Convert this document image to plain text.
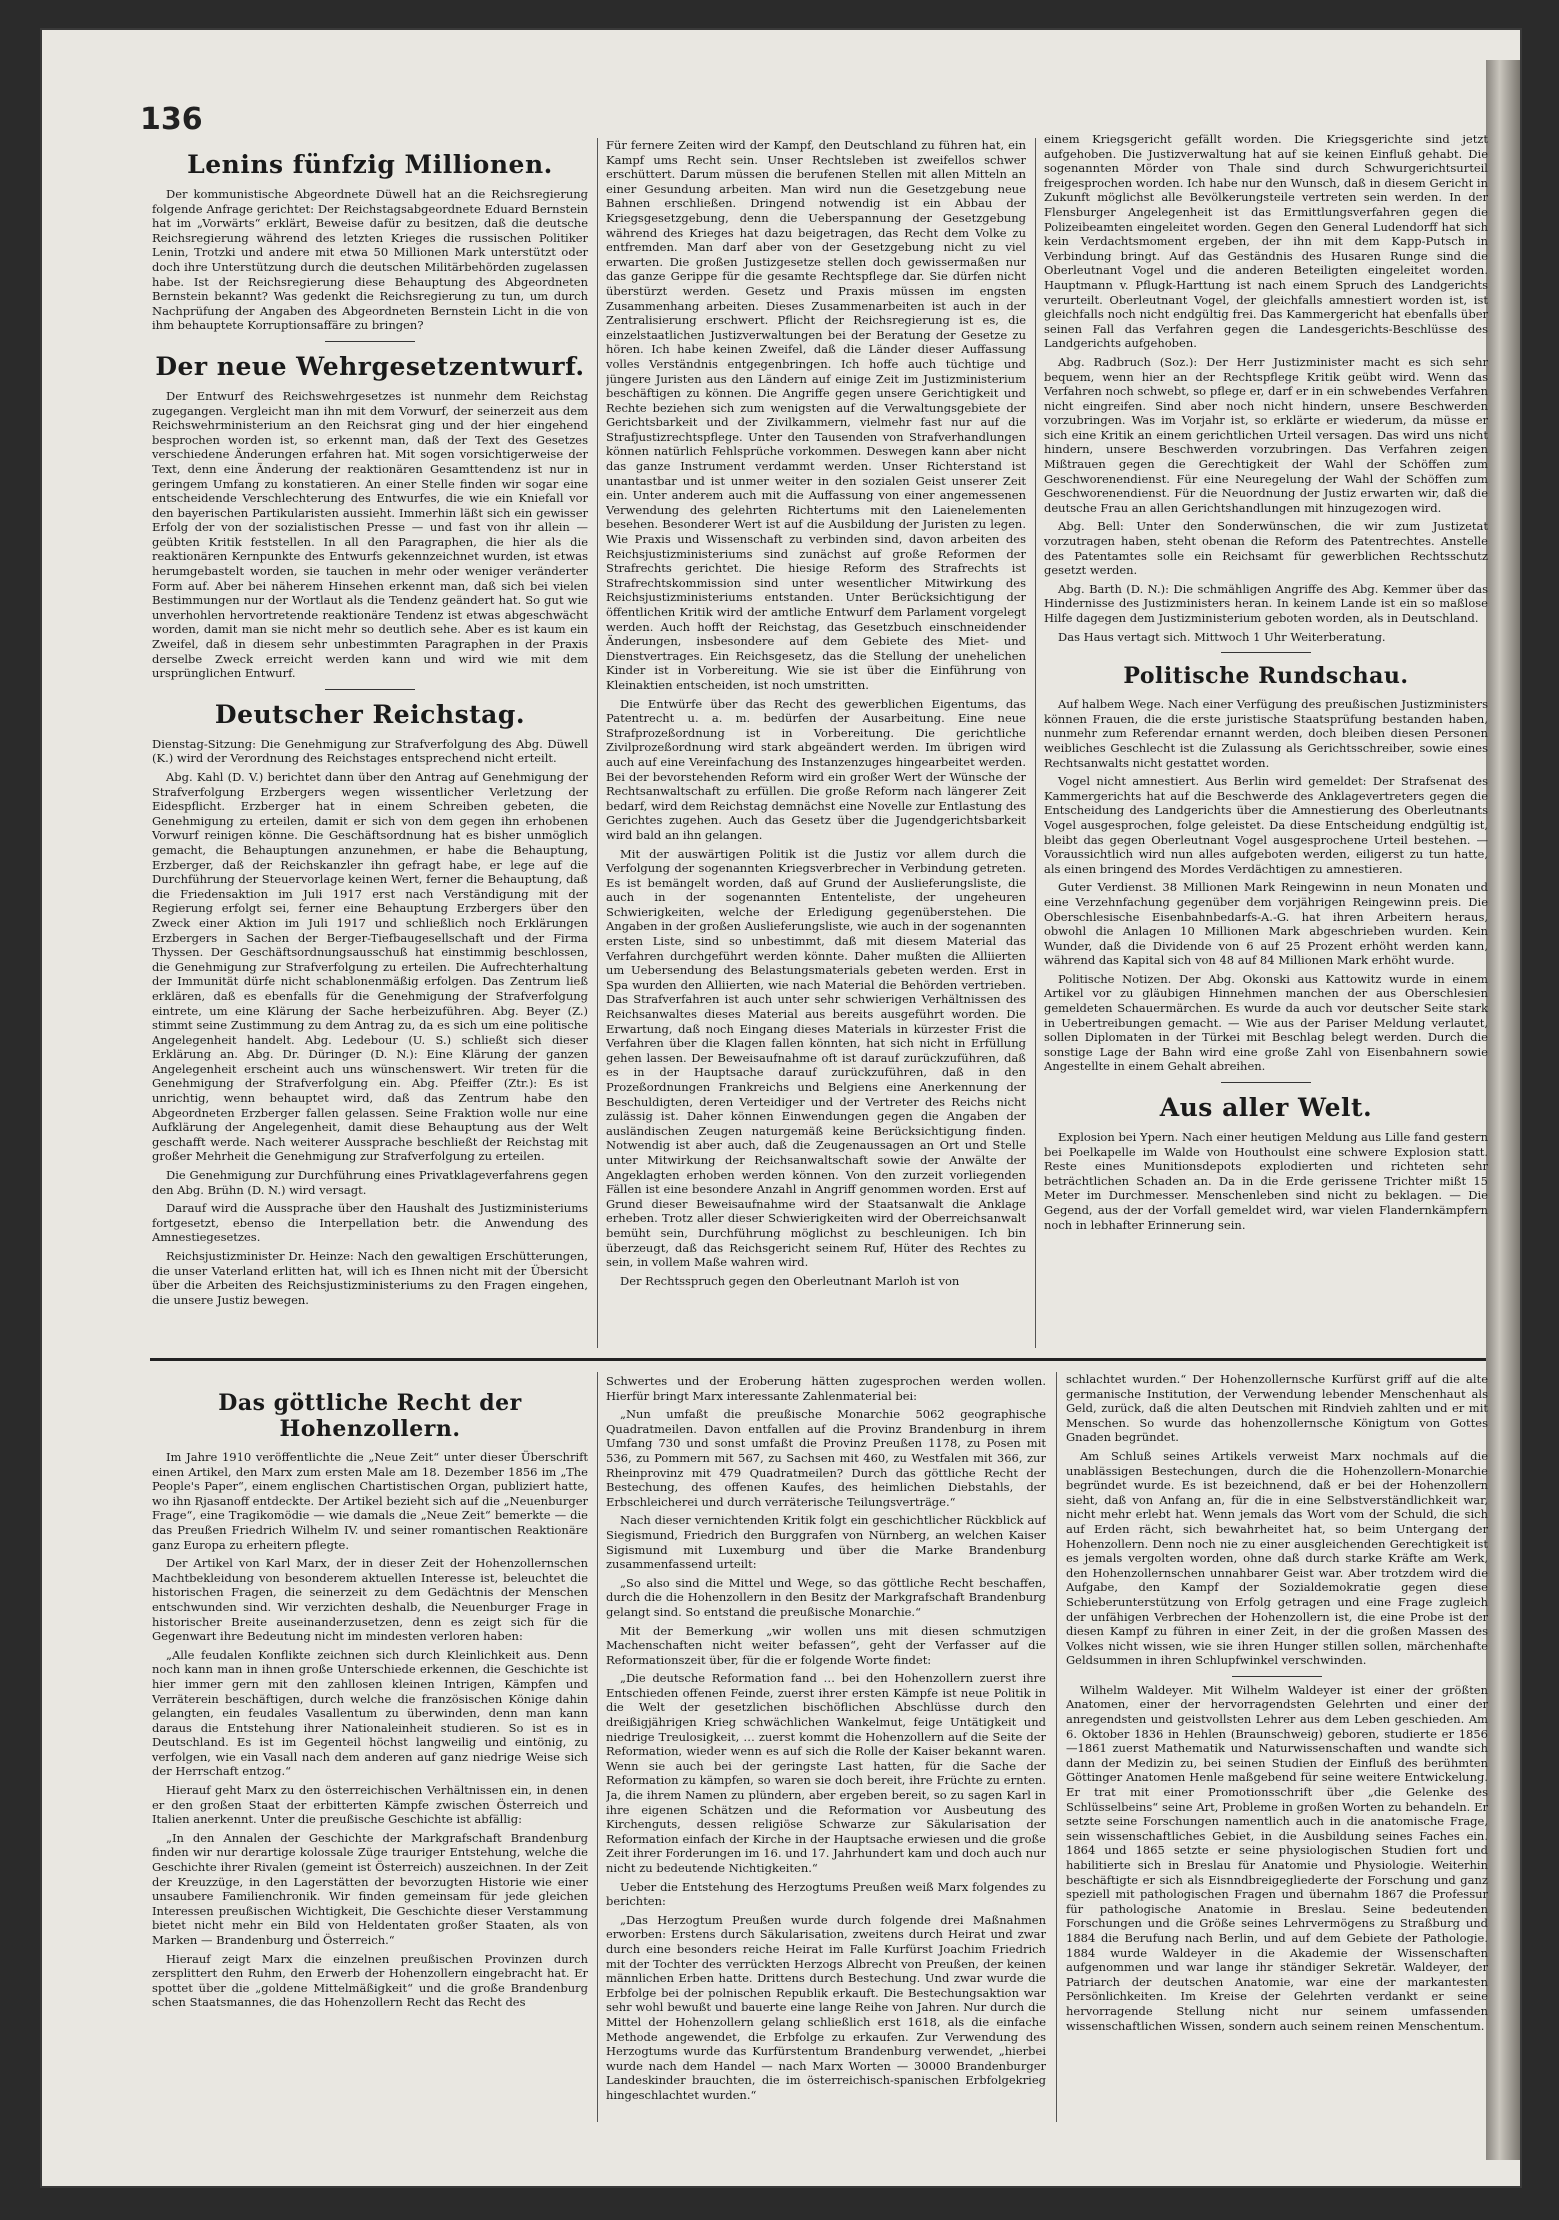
136
Lenins fünfzig Millionen.

Der kommunistische Abgeordnete Düwell hat an die Reichsregierung folgende Anfrage gerichtet: Der Reichstagsabgeordnete Eduard Bernstein hat im „Vorwärts“ erklärt, Beweise dafür zu besitzen, daß die deutsche Reichsregierung während des letzten Krieges die russischen Politiker Lenin, Trotzki und andere mit etwa 50 Millionen Mark unterstützt oder doch ihre Unterstützung durch die deutschen Militärbehörden zugelassen habe. Ist der Reichsregierung diese Behauptung des Abgeordneten Bernstein bekannt? Was gedenkt die Reichsregierung zu tun, um durch Nachprüfung der Angaben des Abgeordneten Bernstein Licht in die von ihm behauptete Korruptionsaffäre zu bringen?

Der neue Wehrgesetzentwurf.

Der Entwurf des Reichswehrgesetzes ist nunmehr dem Reichstag zugegangen. Vergleicht man ihn mit dem Vorwurf, der seinerzeit aus dem Reichswehrministerium an den Reichsrat ging und der hier eingehend besprochen worden ist, so erkennt man, daß der Text des Gesetzes verschiedene Änderungen erfahren hat. Mit sogen vorsichtigerweise der Text, denn eine Änderung der reaktionären Gesamttendenz ist nur in geringem Umfang zu konstatieren. An einer Stelle finden wir sogar eine entscheidende Verschlechterung des Entwurfes, die wie ein Kniefall vor den bayerischen Partikularisten aussieht. Immerhin läßt sich ein gewisser Erfolg der von der sozialistischen Presse — und fast von ihr allein — geübten Kritik feststellen. In all den Paragraphen, die hier als die reaktionären Kernpunkte des Entwurfs gekennzeichnet wurden, ist etwas herumgebastelt worden, sie tauchen in mehr oder weniger veränderter Form auf. Aber bei näherem Hinsehen erkennt man, daß sich bei vielen Bestimmungen nur der Wortlaut als die Tendenz geändert hat. So gut wie unverhohlen hervortretende reaktionäre Tendenz ist etwas abgeschwächt worden, damit man sie nicht mehr so deutlich sehe. Aber es ist kaum ein Zweifel, daß in diesem sehr unbestimmten Paragraphen in der Praxis derselbe Zweck erreicht werden kann und wird wie mit dem ursprünglichen Entwurf.

Deutscher Reichstag.

Dienstag-Sitzung: Die Genehmigung zur Strafverfolgung des Abg. Düwell (K.) wird der Verordnung des Reichstages entsprechend nicht erteilt.

Abg. Kahl (D. V.) berichtet dann über den Antrag auf Genehmigung der Strafverfolgung Erzbergers wegen wissentlicher Verletzung der Eidespflicht. Erzberger hat in einem Schreiben gebeten, die Genehmigung zu erteilen, damit er sich von dem gegen ihn erhobenen Vorwurf reinigen könne. Die Geschäftsordnung hat es bisher unmöglich gemacht, die Behauptungen anzunehmen, er habe die Behauptung, Erzberger, daß der Reichskanzler ihn gefragt habe, er lege auf die Durchführung der Steuervorlage keinen Wert, ferner die Behauptung, daß die Friedensaktion im Juli 1917 erst nach Verständigung mit der Regierung erfolgt sei, ferner eine Behauptung Erzbergers über den Zweck einer Aktion im Juli 1917 und schließlich noch Erklärungen Erzbergers in Sachen der Berger-Tiefbaugesellschaft und der Firma Thyssen. Der Geschäftsordnungsausschuß hat einstimmig beschlossen, die Genehmigung zur Strafverfolgung zu erteilen. Die Aufrechterhaltung der Immunität dürfe nicht schablonenmäßig erfolgen. Das Zentrum ließ erklären, daß es ebenfalls für die Genehmigung der Strafverfolgung eintrete, um eine Klärung der Sache herbeizuführen. Abg. Beyer (Z.) stimmt seine Zustimmung zu dem Antrag zu, da es sich um eine politische Angelegenheit handelt. Abg. Ledebour (U. S.) schließt sich dieser Erklärung an. Abg. Dr. Düringer (D. N.): Eine Klärung der ganzen Angelegenheit erscheint auch uns wünschenswert. Wir treten für die Genehmigung der Strafverfolgung ein. Abg. Pfeiffer (Ztr.): Es ist unrichtig, wenn behauptet wird, daß das Zentrum habe den Abgeordneten Erzberger fallen gelassen. Seine Fraktion wolle nur eine Aufklärung der Angelegenheit, damit diese Behauptung aus der Welt geschafft werde. Nach weiterer Aussprache beschließt der Reichstag mit großer Mehrheit die Genehmigung zur Strafverfolgung zu erteilen.

Die Genehmigung zur Durchführung eines Privatklageverfahrens gegen den Abg. Brühn (D. N.) wird versagt.

Darauf wird die Aussprache über den Haushalt des Justizministeriums fortgesetzt, ebenso die Interpellation betr. die Anwendung des Amnestiegesetzes.

Reichsjustizminister Dr. Heinze: Nach den gewaltigen Erschütterungen, die unser Vaterland erlitten hat, will ich es Ihnen nicht mit der Übersicht über die Arbeiten des Reichsjustizministeriums zu den Fragen eingehen, die unsere Justiz bewegen.

Für fernere Zeiten wird der Kampf, den Deutschland zu führen hat, ein Kampf ums Recht sein. Unser Rechtsleben ist zweifellos schwer erschüttert. Darum müssen die berufenen Stellen mit allen Mitteln an einer Gesundung arbeiten. Man wird nun die Gesetzgebung neue Bahnen erschließen. Dringend notwendig ist ein Abbau der Kriegsgesetzgebung, denn die Ueberspannung der Gesetzgebung während des Krieges hat dazu beigetragen, das Recht dem Volke zu entfremden. Man darf aber von der Gesetzgebung nicht zu viel erwarten. Die großen Justizgesetze stellen doch gewissermaßen nur das ganze Gerippe für die gesamte Rechtspflege dar. Sie dürfen nicht überstürzt werden. Gesetz und Praxis müssen im engsten Zusammenhang arbeiten. Dieses Zusammenarbeiten ist auch in der Zentralisierung erschwert. Pflicht der Reichsregierung ist es, die einzelstaatlichen Justizverwaltungen bei der Beratung der Gesetze zu hören. Ich habe keinen Zweifel, daß die Länder dieser Auffassung volles Verständnis entgegenbringen. Ich hoffe auch tüchtige und jüngere Juristen aus den Ländern auf einige Zeit im Justizministerium beschäftigen zu können. Die Angriffe gegen unsere Gerichtigkeit und Rechte beziehen sich zum wenigsten auf die Verwaltungsgebiete der Gerichtsbarkeit und der Zivilkammern, vielmehr fast nur auf die Strafjustizrechtspflege. Unter den Tausenden von Strafverhandlungen können natürlich Fehlsprüche vorkommen. Deswegen kann aber nicht das ganze Instrument verdammt werden. Unser Richterstand ist unantastbar und ist unmer weiter in den sozialen Geist unserer Zeit ein. Unter anderem auch mit die Auffassung von einer angemessenen Verwendung des gelehrten Richtertums mit den Laienelementen besehen. Besonderer Wert ist auf die Ausbildung der Juristen zu legen. Wie Praxis und Wissenschaft zu verbinden sind, davon arbeiten des Reichsjustizministeriums sind zunächst auf große Reformen der Strafrechts gerichtet. Die hiesige Reform des Strafrechts ist Strafrechtskommission sind unter wesentlicher Mitwirkung des Reichsjustizministeriums entstanden. Unter Berücksichtigung der öffentlichen Kritik wird der amtliche Entwurf dem Parlament vorgelegt werden. Auch hofft der Reichstag, das Gesetzbuch einschneidender Änderungen, insbesondere auf dem Gebiete des Miet- und Dienstvertrages. Ein Reichsgesetz, das die Stellung der unehelichen Kinder ist in Vorbereitung. Wie sie ist über die Einführung von Kleinaktien entscheiden, ist noch umstritten.

Die Entwürfe über das Recht des gewerblichen Eigentums, das Patentrecht u. a. m. bedürfen der Ausarbeitung. Eine neue Strafprozeßordnung ist in Vorbereitung. Die gerichtliche Zivilprozeßordnung wird stark abgeändert werden. Im übrigen wird auch auf eine Vereinfachung des Instanzenzuges hingearbeitet werden. Bei der bevorstehenden Reform wird ein großer Wert der Wünsche der Rechtsanwaltschaft zu erfüllen. Die große Reform nach längerer Zeit bedarf, wird dem Reichstag demnächst eine Novelle zur Entlastung des Gerichtes zugehen. Auch das Gesetz über die Jugendgerichtsbarkeit wird bald an ihn gelangen.

Mit der auswärtigen Politik ist die Justiz vor allem durch die Verfolgung der sogenannten Kriegsverbrecher in Verbindung getreten. Es ist bemängelt worden, daß auf Grund der Auslieferungsliste, die auch in der sogenannten Ententeliste, der ungeheuren Schwierigkeiten, welche der Erledigung gegenüberstehen. Die Angaben in der großen Auslieferungsliste, wie auch in der sogenannten ersten Liste, sind so unbestimmt, daß mit diesem Material das Verfahren durchgeführt werden könnte. Daher mußten die Alliierten um Uebersendung des Belastungsmaterials gebeten werden. Erst in Spa wurden den Alliierten, wie nach Material die Behörden vertrieben. Das Strafverfahren ist auch unter sehr schwierigen Verhältnissen des Reichsanwaltes dieses Material aus bereits ausgeführt worden. Die Erwartung, daß noch Eingang dieses Materials in kürzester Frist die Verfahren über die Klagen fallen könnten, hat sich nicht in Erfüllung gehen lassen. Der Beweisaufnahme oft ist darauf zurückzuführen, daß es in der Hauptsache darauf zurückzuführen, daß in den Prozeßordnungen Frankreichs und Belgiens eine Anerkennung der Beschuldigten, deren Verteidiger und der Vertreter des Reichs nicht zulässig ist. Daher können Einwendungen gegen die Angaben der ausländischen Zeugen naturgemäß keine Berücksichtigung finden. Notwendig ist aber auch, daß die Zeugenaussagen an Ort und Stelle unter Mitwirkung der Reichsanwaltschaft sowie der Anwälte der Angeklagten erhoben werden können. Von den zurzeit vorliegenden Fällen ist eine besondere Anzahl in Angriff genommen worden. Erst auf Grund dieser Beweisaufnahme wird der Staatsanwalt die Anklage erheben. Trotz aller dieser Schwierigkeiten wird der Oberreichsanwalt bemüht sein, Durchführung möglichst zu beschleunigen. Ich bin überzeugt, daß das Reichsgericht seinem Ruf, Hüter des Rechtes zu sein, in vollem Maße wahren wird.

Der Rechtsspruch gegen den Oberleutnant Marloh ist von

einem Kriegsgericht gefällt worden. Die Kriegsgerichte sind jetzt aufgehoben. Die Justizverwaltung hat auf sie keinen Einfluß gehabt. Die sogenannten Mörder von Thale sind durch Schwurgerichtsurteil freigesprochen worden. Ich habe nur den Wunsch, daß in diesem Gericht in Zukunft möglichst alle Bevölkerungsteile vertreten sein werden. In der Flensburger Angelegenheit ist das Ermittlungsverfahren gegen die Polizeibeamten eingeleitet worden. Gegen den General Ludendorff hat sich kein Verdachtsmoment ergeben, der ihn mit dem Kapp-Putsch in Verbindung bringt. Auf das Geständnis des Husaren Runge sind die Oberleutnant Vogel und die anderen Beteiligten eingeleitet worden. Hauptmann v. Pflugk-Harttung ist nach einem Spruch des Landgerichts verurteilt. Oberleutnant Vogel, der gleichfalls amnestiert worden ist, ist gleichfalls noch nicht endgültig frei. Das Kammergericht hat ebenfalls über seinen Fall das Verfahren gegen die Landesgerichts-Beschlüsse des Landgerichts aufgehoben.

Abg. Radbruch (Soz.): Der Herr Justizminister macht es sich sehr bequem, wenn hier an der Rechtspflege Kritik geübt wird. Wenn das Verfahren noch schwebt, so pflege er, darf er in ein schwebendes Verfahren nicht eingreifen. Sind aber noch nicht hindern, unsere Beschwerden vorzubringen. Was im Vorjahr ist, so erklärte er wiederum, da müsse er sich eine Kritik an einem gerichtlichen Urteil versagen. Das wird uns nicht hindern, unsere Beschwerden vorzubringen. Das Verfahren zeigen Mißtrauen gegen die Gerechtigkeit der Wahl der Schöffen zum Geschworenendienst. Für eine Neuregelung der Wahl der Schöffen zum Geschworenendienst. Für die Neuordnung der Justiz erwarten wir, daß die deutsche Frau an allen Gerichtshandlungen mit hinzugezogen wird.

Abg. Bell: Unter den Sonderwünschen, die wir zum Justizetat vorzutragen haben, steht obenan die Reform des Patentrechtes. Anstelle des Patentamtes solle ein Reichsamt für gewerblichen Rechtsschutz gesetzt werden.

Abg. Barth (D. N.): Die schmähligen Angriffe des Abg. Kemmer über das Hindernisse des Justizministers heran. In keinem Lande ist ein so maßlose Hilfe dagegen dem Justizministerium geboten worden, als in Deutschland.

Das Haus vertagt sich. Mittwoch 1 Uhr Weiterberatung.

Politische Rundschau.

Auf halbem Wege. Nach einer Verfügung des preußischen Justizministers können Frauen, die die erste juristische Staatsprüfung bestanden haben, nunmehr zum Referendar ernannt werden, doch bleiben diesen Personen weibliches Geschlecht ist die Zulassung als Gerichtsschreiber, sowie eines Rechtsanwalts nicht gestattet worden.

Vogel nicht amnestiert. Aus Berlin wird gemeldet: Der Strafsenat des Kammergerichts hat auf die Beschwerde des Anklagevertreters gegen die Entscheidung des Landgerichts über die Amnestierung des Oberleutnants Vogel ausgesprochen, folge geleistet. Da diese Entscheidung endgültig ist, bleibt das gegen Oberleutnant Vogel ausgesprochene Urteil bestehen. — Voraussichtlich wird nun alles aufgeboten werden, eiligerst zu tun hatte, als einen bringend des Mordes Verdächtigen zu amnestieren.

Guter Verdienst. 38 Millionen Mark Reingewinn in neun Monaten und eine Verzehnfachung gegenüber dem vorjährigen Reingewinn preis. Die Oberschlesische Eisenbahnbedarfs-A.-G. hat ihren Arbeitern heraus, obwohl die Anlagen 10 Millionen Mark abgeschrieben wurden. Kein Wunder, daß die Dividende von 6 auf 25 Prozent erhöht werden kann, während das Kapital sich von 48 auf 84 Millionen Mark erhöht wurde.

Politische Notizen. Der Abg. Okonski aus Kattowitz wurde in einem Artikel vor zu gläubigen Hinnehmen manchen der aus Oberschlesien gemeldeten Schauermärchen. Es wurde da auch vor deutscher Seite stark in Uebertreibungen gemacht. — Wie aus der Pariser Meldung verlautet, sollen Diplomaten in der Türkei mit Beschlag belegt werden. Durch die sonstige Lage der Bahn wird eine große Zahl von Eisenbahnern sowie Angestellte in einem Gehalt abreihen.

Aus aller Welt.

Explosion bei Ypern. Nach einer heutigen Meldung aus Lille fand gestern bei Poelkapelle im Walde von Houthoulst eine schwere Explosion statt. Reste eines Munitionsdepots explodierten und richteten sehr beträchtlichen Schaden an. Da in die Erde gerissene Trichter mißt 15 Meter im Durchmesser. Menschenleben sind nicht zu beklagen. — Die Gegend, aus der der Vorfall gemeldet wird, war vielen Flandernkämpfern noch in lebhafter Erinnerung sein.

Das göttliche Recht der Hohenzollern.

Im Jahre 1910 veröffentlichte die „Neue Zeit“ unter dieser Überschrift einen Artikel, den Marx zum ersten Male am 18. Dezember 1856 im „The People's Paper“, einem englischen Chartistischen Organ, publiziert hatte, wo ihn Rjasanoff entdeckte. Der Artikel bezieht sich auf die „Neuenburger Frage“, eine Tragikomödie — wie damals die „Neue Zeit“ bemerkte — die das Preußen Friedrich Wilhelm IV. und seiner romantischen Reaktionäre ganz Europa zu erheitern pflegte.

Der Artikel von Karl Marx, der in dieser Zeit der Hohenzollernschen Machtbekleidung von besonderem aktuellen Interesse ist, beleuchtet die historischen Fragen, die seinerzeit zu dem Gedächtnis der Menschen entschwunden sind. Wir verzichten deshalb, die Neuenburger Frage in historischer Breite auseinanderzusetzen, denn es zeigt sich für die Gegenwart ihre Bedeutung nicht im mindesten verloren haben:

„Alle feudalen Konflikte zeichnen sich durch Kleinlichkeit aus. Denn noch kann man in ihnen große Unterschiede erkennen, die Geschichte ist hier immer gern mit den zahllosen kleinen Intrigen, Kämpfen und Verräterein beschäftigen, durch welche die französischen Könige dahin gelangten, ein feudales Vasallentum zu überwinden, denn man kann daraus die Entstehung ihrer Nationaleinheit studieren. So ist es in Deutschland. Es ist im Gegenteil höchst langweilig und eintönig, zu verfolgen, wie ein Vasall nach dem anderen auf ganz niedrige Weise sich der Herrschaft entzog.“

Hierauf geht Marx zu den österreichischen Verhältnissen ein, in denen er den großen Staat der erbitterten Kämpfe zwischen Österreich und Italien anerkennt. Unter die preußische Geschichte ist abfällig:

„In den Annalen der Geschichte der Markgrafschaft Brandenburg finden wir nur derartige kolossale Züge trauriger Entstehung, welche die Geschichte ihrer Rivalen (gemeint ist Österreich) auszeichnen. In der Zeit der Kreuzzüge, in den Lagerstätten der bevorzugten Historie wie einer unsaubere Familienchronik. Wir finden gemeinsam für jede gleichen Interessen preußischen Wichtigkeit, Die Geschichte dieser Verstammung bietet nicht mehr ein Bild von Heldentaten großer Staaten, als von Marken — Brandenburg und Österreich.“

Hierauf zeigt Marx die einzelnen preußischen Provinzen durch zersplittert den Ruhm, den Erwerb der Hohenzollern eingebracht hat. Er spottet über die „goldene Mittelmäßigkeit“ und die große Brandenburg schen Staatsmannes, die das Hohenzollern Recht das Recht des

Schwertes und der Eroberung hätten zugesprochen werden wollen. Hierfür bringt Marx interessante Zahlenmaterial bei:

„Nun umfaßt die preußische Monarchie 5062 geographische Quadratmeilen. Davon entfallen auf die Provinz Brandenburg in ihrem Umfang 730 und sonst umfaßt die Provinz Preußen 1178, zu Posen mit 536, zu Pommern mit 567, zu Sachsen mit 460, zu Westfalen mit 366, zur Rheinprovinz mit 479 Quadratmeilen? Durch das göttliche Recht der Bestechung, des offenen Kaufes, des heimlichen Diebstahls, der Erbschleicherei und durch verräterische Teilungsverträge.“

Nach dieser vernichtenden Kritik folgt ein geschichtlicher Rückblick auf Siegismund, Friedrich den Burggrafen von Nürnberg, an welchen Kaiser Sigismund mit Luxemburg und über die Marke Brandenburg zusammenfassend urteilt:

„So also sind die Mittel und Wege, so das göttliche Recht beschaffen, durch die die Hohenzollern in den Besitz der Markgrafschaft Brandenburg gelangt sind. So entstand die preußische Monarchie.“

Mit der Bemerkung „wir wollen uns mit diesen schmutzigen Machenschaften nicht weiter befassen“, geht der Verfasser auf die Reformationszeit über, für die er folgende Worte findet:

„Die deutsche Reformation fand … bei den Hohenzollern zuerst ihre Entschieden offenen Feinde, zuerst ihrer ersten Kämpfe ist neue Politik in die Welt der gesetzlichen bischöflichen Abschlüsse durch den dreißigjährigen Krieg schwächlichen Wankelmut, feige Untätigkeit und niedrige Treulosigkeit, … zuerst kommt die Hohenzollern auf die Seite der Reformation, wieder wenn es auf sich die Rolle der Kaiser bekannt waren. Wenn sie auch bei der geringste Last hatten, für die Sache der Reformation zu kämpfen, so waren sie doch bereit, ihre Früchte zu ernten. Ja, die ihrem Namen zu plündern, aber ergeben bereit, so zu sagen Karl in ihre eigenen Schätzen und die Reformation vor Ausbeutung des Kirchenguts, dessen religiöse Schwarze zur Säkularisation der Reformation einfach der Kirche in der Hauptsache erwiesen und die große Zeit ihrer Forderungen im 16. und 17. Jahrhundert kam und doch auch nur nicht zu bedeutende Nichtigkeiten.“

Ueber die Entstehung des Herzogtums Preußen weiß Marx folgendes zu berichten:

„Das Herzogtum Preußen wurde durch folgende drei Maßnahmen erworben: Erstens durch Säkularisation, zweitens durch Heirat und zwar durch eine besonders reiche Heirat im Falle Kurfürst Joachim Friedrich mit der Tochter des verrückten Herzogs Albrecht von Preußen, der keinen männlichen Erben hatte. Drittens durch Bestechung. Und zwar wurde die Erbfolge bei der polnischen Republik erkauft. Die Bestechungsaktion war sehr wohl bewußt und bauerte eine lange Reihe von Jahren. Nur durch die Mittel der Hohenzollern gelang schließlich erst 1618, als die einfache Methode angewendet, die Erbfolge zu erkaufen. Zur Verwendung des Herzogtums wurde das Kurfürstentum Brandenburg verwendet, „hierbei wurde nach dem Handel — nach Marx Worten — 30000 Brandenburger Landeskinder brauchten, die im österreichisch-spanischen Erbfolgekrieg hingeschlachtet wurden.“

schlachtet wurden.“ Der Hohenzollernsche Kurfürst griff auf die alte germanische Institution, der Verwendung lebender Menschenhaut als Geld, zurück, daß die alten Deutschen mit Rindvieh zahlten und er mit Menschen. So wurde das hohenzollernsche Königtum von Gottes Gnaden begründet.

Am Schluß seines Artikels verweist Marx nochmals auf die unablässigen Bestechungen, durch die die Hohenzollern-Monarchie begründet wurde. Es ist bezeichnend, daß er bei der Hohenzollern sieht, daß von Anfang an, für die in eine Selbstverständlichkeit war, nicht mehr erlebt hat. Wenn jemals das Wort vom der Schuld, die sich auf Erden rächt, sich bewahrheitet hat, so beim Untergang der Hohenzollern. Denn noch nie zu einer ausgleichenden Gerechtigkeit ist es jemals vergolten worden, ohne daß durch starke Kräfte am Werk, den Hohenzollernschen unnahbarer Geist war. Aber trotzdem wird die Aufgabe, den Kampf der Sozialdemokratie gegen diese Schieberunterstützung von Erfolg getragen und eine Frage zugleich der unfähigen Verbrechen der Hohenzollern ist, die eine Probe ist der diesen Kampf zu führen in einer Zeit, in der die großen Massen des Volkes nicht wissen, wie sie ihren Hunger stillen sollen, märchenhafte Geldsummen in ihren Schlupfwinkel verschwinden.

Wilhelm Waldeyer. Mit Wilhelm Waldeyer ist einer der größten Anatomen, einer der hervorragendsten Gelehrten und einer der anregendsten und geistvollsten Lehrer aus dem Leben geschieden. Am 6. Oktober 1836 in Hehlen (Braunschweig) geboren, studierte er 1856—1861 zuerst Mathematik und Naturwissenschaften und wandte sich dann der Medizin zu, bei seinen Studien der Einfluß des berühmten Göttinger Anatomen Henle maßgebend für seine weitere Entwickelung. Er trat mit einer Promotionsschrift über „die Gelenke des Schlüsselbeins“ seine Art, Probleme in großen Worten zu behandeln. Er setzte seine Forschungen namentlich auch in die anatomische Frage, sein wissenschaftliches Gebiet, in die Ausbildung seines Faches ein. 1864 und 1865 setzte er seine physiologischen Studien fort und habilitierte sich in Breslau für Anatomie und Physiologie. Weiterhin beschäftigte er sich als Eisnndbreigegliederte der Forschung und ganz speziell mit pathologischen Fragen und übernahm 1867 die Professur für pathologische Anatomie in Breslau. Seine bedeutenden Forschungen und die Größe seines Lehrvermögens zu Straßburg und 1884 die Berufung nach Berlin, und auf dem Gebiete der Pathologie. 1884 wurde Waldeyer in die Akademie der Wissenschaften aufgenommen und war lange ihr ständiger Sekretär. Waldeyer, der Patriarch der deutschen Anatomie, war eine der markantesten Persönlichkeiten. Im Kreise der Gelehrten verdankt er seine hervorragende Stellung nicht nur seinem umfassenden wissenschaftlichen Wissen, sondern auch seinem reinen Menschentum.
